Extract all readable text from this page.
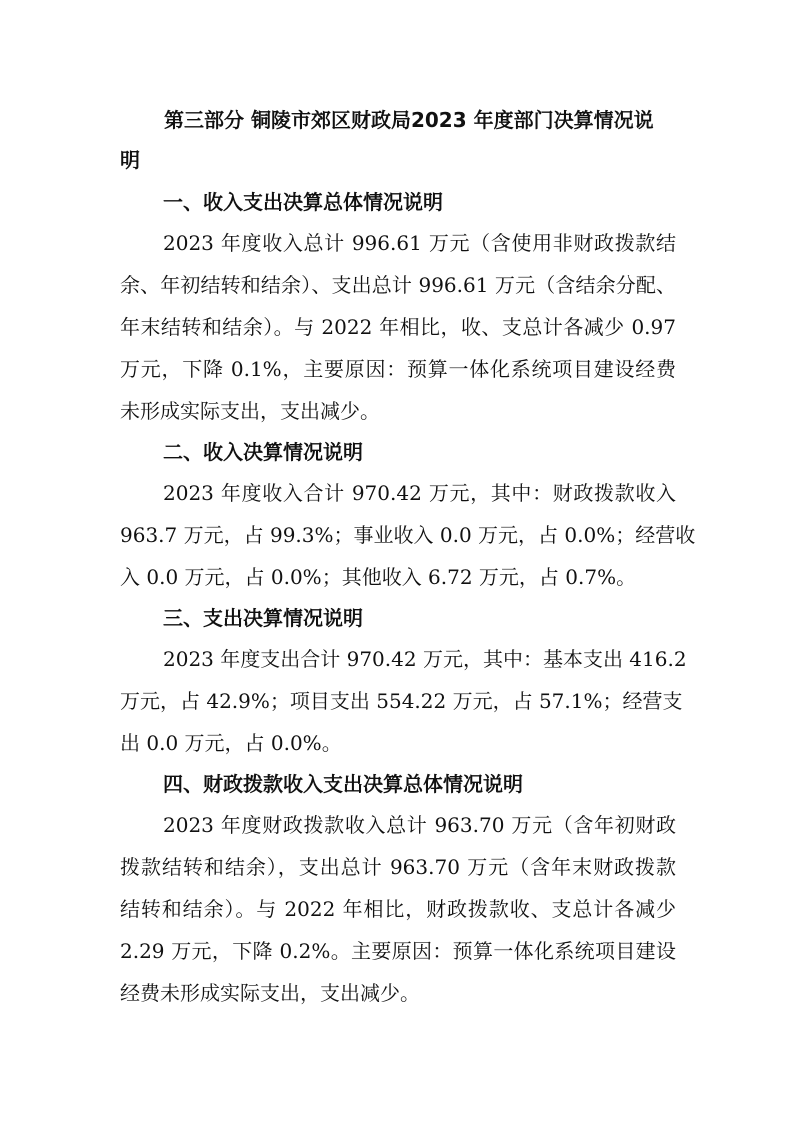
第三部分 铜陵市郊区财政局2023 年度部门决算情况说
明
一、收入支出决算总体情况说明
2023 年度收入总计 996.61 万元（含使用非财政拨款结
余、年初结转和结余）、支出总计 996.61 万元（含结余分配、
年末结转和结余）。与 2022 年相比，收、支总计各减少 0.97
万元，下降 0.1%，主要原因：预算一体化系统项目建设经费
未形成实际支出，支出减少。
二、收入决算情况说明
2023 年度收入合计 970.42 万元，其中：财政拨款收入
963.7 万元，占 99.3%；事业收入 0.0 万元，占 0.0%；经营收
入 0.0 万元，占 0.0%；其他收入 6.72 万元，占 0.7%。
三、支出决算情况说明
2023 年度支出合计 970.42 万元，其中：基本支出 416.2
万元，占 42.9%；项目支出 554.22 万元，占 57.1%；经营支
出 0.0 万元，占 0.0%。
四、财政拨款收入支出决算总体情况说明
2023 年度财政拨款收入总计 963.70 万元（含年初财政
拨款结转和结余），支出总计 963.70 万元（含年末财政拨款
结转和结余）。与 2022 年相比，财政拨款收、支总计各减少
2.29 万元，下降 0.2%。主要原因：预算一体化系统项目建设
经费未形成实际支出，支出减少。
